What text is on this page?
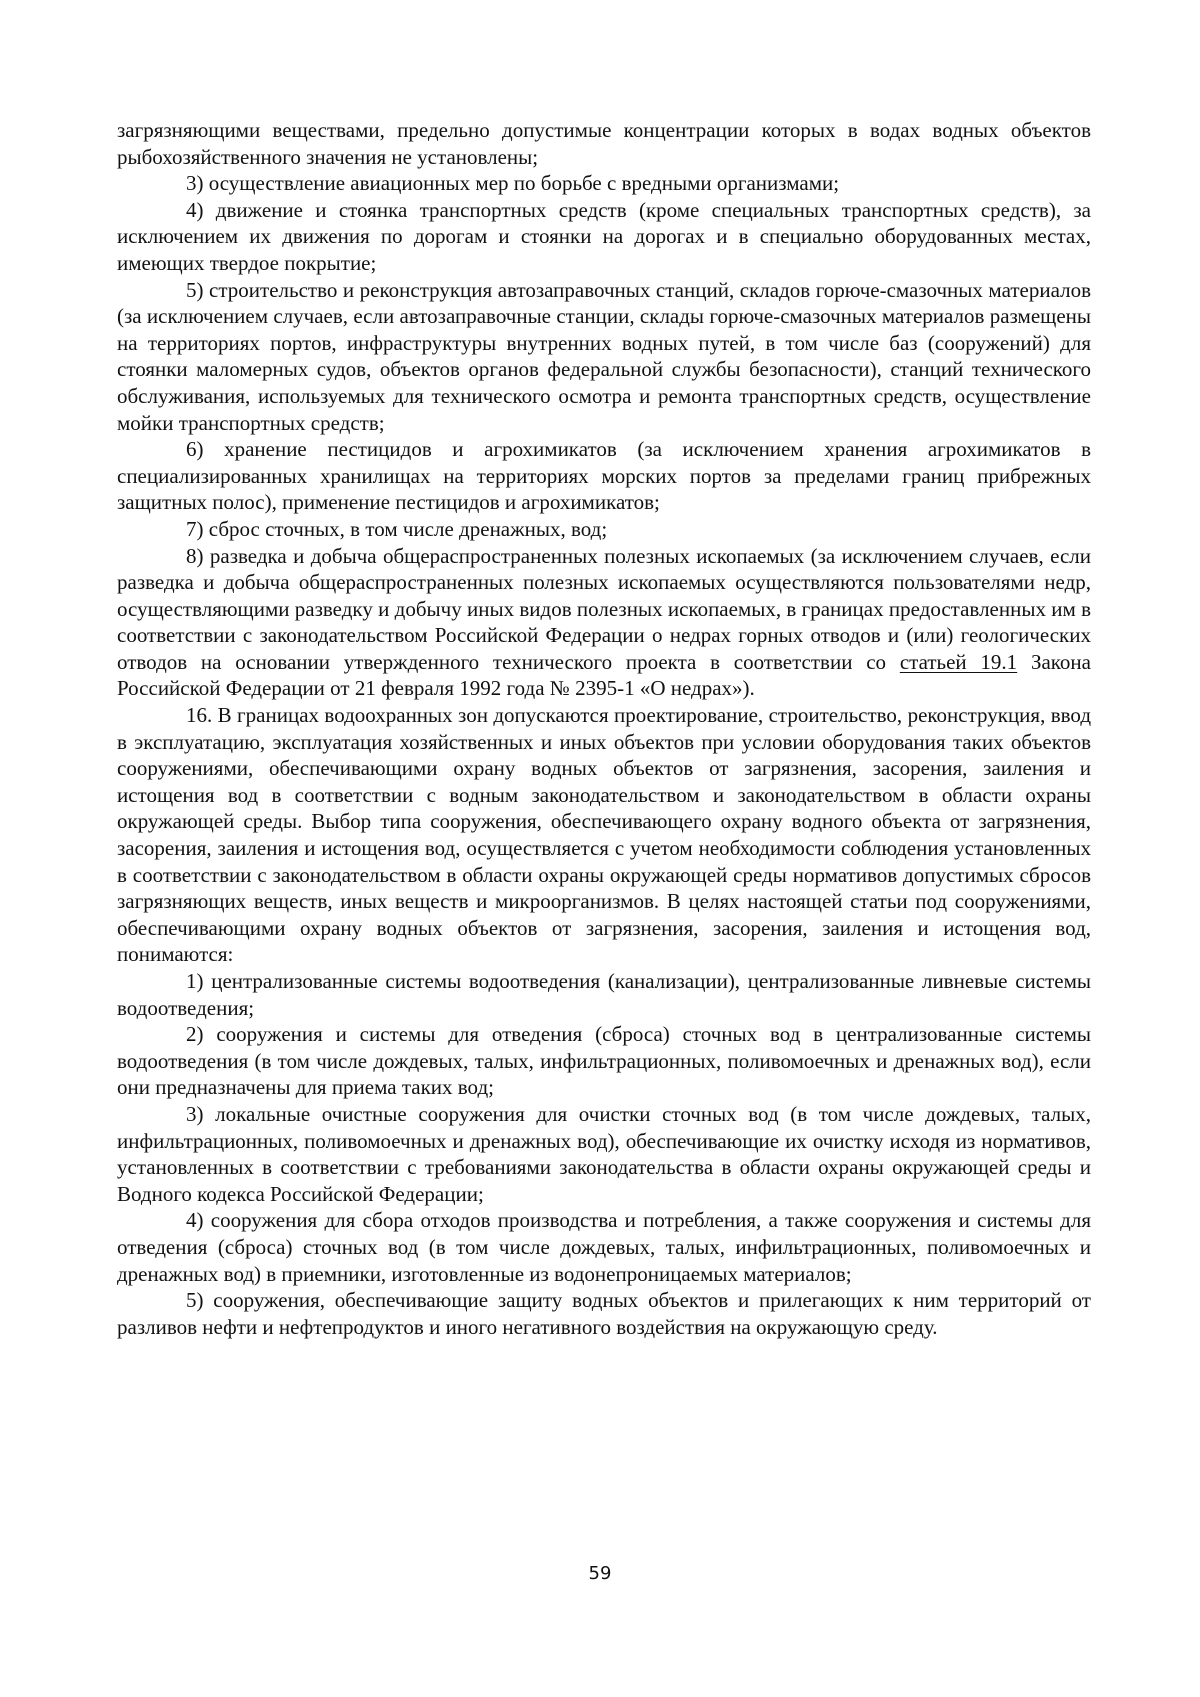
загрязняющими веществами, предельно допустимые концентрации которых в водах водных объектов рыбохозяйственного значения не установлены;

3) осуществление авиационных мер по борьбе с вредными организмами;

4) движение и стоянка транспортных средств (кроме специальных транспортных средств), за исключением их движения по дорогам и стоянки на дорогах и в специально оборудованных местах, имеющих твердое покрытие;

5) строительство и реконструкция автозаправочных станций, складов горюче-смазочных материалов (за исключением случаев, если автозаправочные станции, склады горюче-смазочных материалов размещены на территориях портов, инфраструктуры внутренних водных путей, в том числе баз (сооружений) для стоянки маломерных судов, объектов органов федеральной службы безопасности), станций технического обслуживания, используемых для технического осмотра и ремонта транспортных средств, осуществление мойки транспортных средств;

6) хранение пестицидов и агрохимикатов (за исключением хранения агрохимикатов в специализированных хранилищах на территориях морских портов за пределами границ прибрежных защитных полос), применение пестицидов и агрохимикатов;

7) сброс сточных, в том числе дренажных, вод;

8) разведка и добыча общераспространенных полезных ископаемых (за исключением случаев, если разведка и добыча общераспространенных полезных ископаемых осуществляются пользователями недр, осуществляющими разведку и добычу иных видов полезных ископаемых, в границах предоставленных им в соответствии с законодательством Российской Федерации о недрах горных отводов и (или) геологических отводов на основании утвержденного технического проекта в соответствии со статьей 19.1 Закона Российской Федерации от 21 февраля 1992 года № 2395-1 «О недрах»).

16. В границах водоохранных зон допускаются проектирование, строительство, реконструкция, ввод в эксплуатацию, эксплуатация хозяйственных и иных объектов при условии оборудования таких объектов сооружениями, обеспечивающими охрану водных объектов от загрязнения, засорения, заиления и истощения вод в соответствии с водным законодательством и законодательством в области охраны окружающей среды. Выбор типа сооружения, обеспечивающего охрану водного объекта от загрязнения, засорения, заиления и истощения вод, осуществляется с учетом необходимости соблюдения установленных в соответствии с законодательством в области охраны окружающей среды нормативов допустимых сбросов загрязняющих веществ, иных веществ и микроорганизмов. В целях настоящей статьи под сооружениями, обеспечивающими охрану водных объектов от загрязнения, засорения, заиления и истощения вод, понимаются:

1) централизованные системы водоотведения (канализации), централизованные ливневые системы водоотведения;

2) сооружения и системы для отведения (сброса) сточных вод в централизованные системы водоотведения (в том числе дождевых, талых, инфильтрационных, поливомоечных и дренажных вод), если они предназначены для приема таких вод;

3) локальные очистные сооружения для очистки сточных вод (в том числе дождевых, талых, инфильтрационных, поливомоечных и дренажных вод), обеспечивающие их очистку исходя из нормативов, установленных в соответствии с требованиями законодательства в области охраны окружающей среды и Водного кодекса Российской Федерации;

4) сооружения для сбора отходов производства и потребления, а также сооружения и системы для отведения (сброса) сточных вод (в том числе дождевых, талых, инфильтрационных, поливомоечных и дренажных вод) в приемники, изготовленные из водонепроницаемых материалов;

5) сооружения, обеспечивающие защиту водных объектов и прилегающих к ним территорий от разливов нефти и нефтепродуктов и иного негативного воздействия на окружающую среду.

59
